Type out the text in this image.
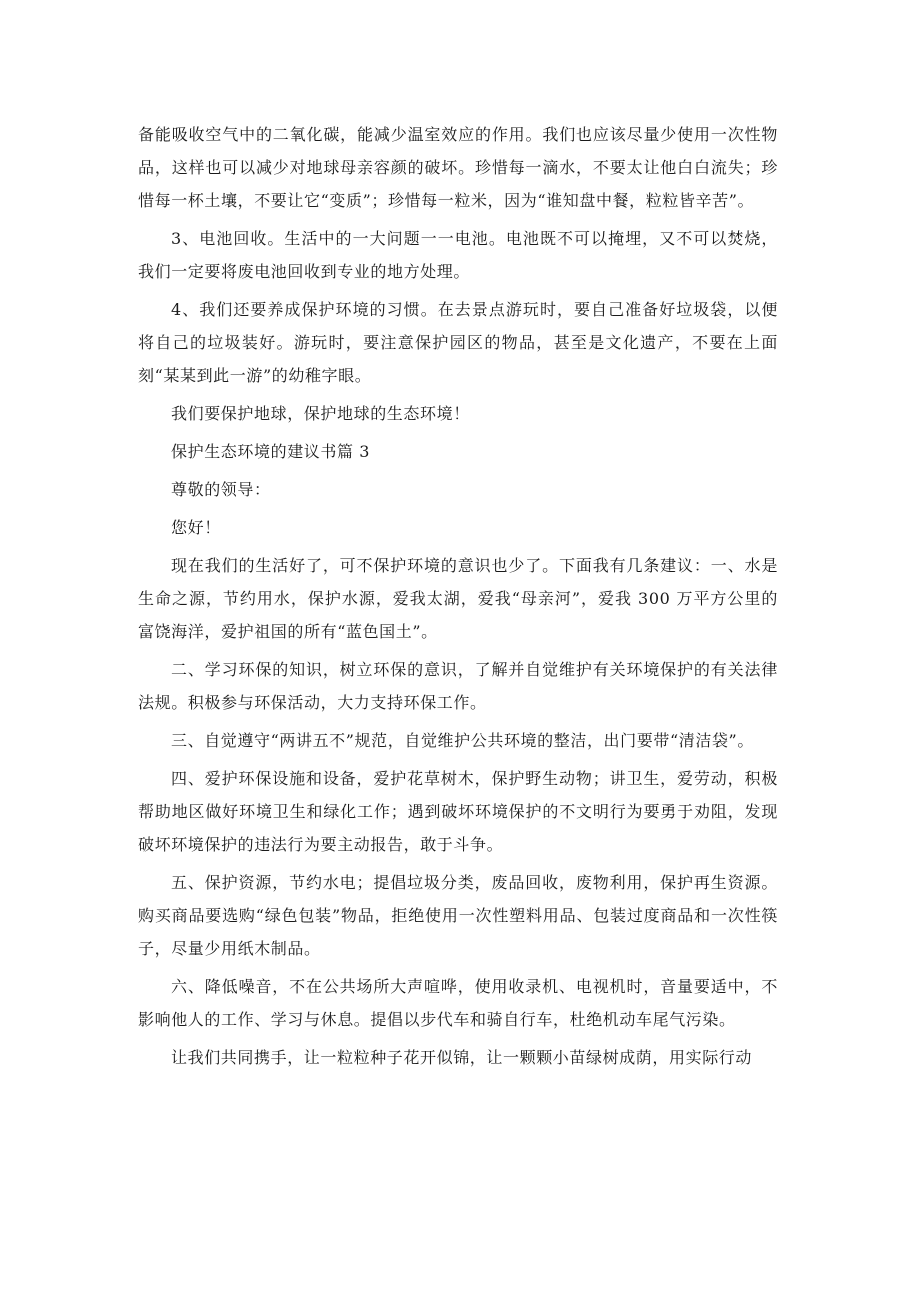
备能吸收空气中的二氧化碳，能减少温室效应的作用。我们也应该尽量少使用一次性物品，这样也可以减少对地球母亲容颜的破坏。珍惜每一滴水，不要太让他白白流失；珍惜每一杯土壤，不要让它“变质”；珍惜每一粒米，因为“谁知盘中餐，粒粒皆辛苦”。

3、电池回收。生活中的一大问题一一电池。电池既不可以掩埋，又不可以焚烧，我们一定要将废电池回收到专业的地方处理。

4、我们还要养成保护环境的习惯。在去景点游玩时，要自己准备好垃圾袋，以便将自己的垃圾装好。游玩时，要注意保护园区的物品，甚至是文化遗产，不要在上面刻“某某到此一游”的幼稚字眼。

我们要保护地球，保护地球的生态环境！

保护生态环境的建议书篇 3

尊敬的领导：

您好！

现在我们的生活好了，可不保护环境的意识也少了。下面我有几条建议：一、水是生命之源，节约用水，保护水源，爱我太湖，爱我“母亲河”，爱我 300 万平方公里的富饶海洋，爱护祖国的所有“蓝色国土”。

二、学习环保的知识，树立环保的意识，了解并自觉维护有关环境保护的有关法律法规。积极参与环保活动，大力支持环保工作。

三、自觉遵守“两讲五不”规范，自觉维护公共环境的整洁，出门要带“清洁袋”。

四、爱护环保设施和设备，爱护花草树木，保护野生动物；讲卫生，爱劳动，积极帮助地区做好环境卫生和绿化工作；遇到破坏环境保护的不文明行为要勇于劝阻，发现破坏环境保护的违法行为要主动报告，敢于斗争。

五、保护资源，节约水电；提倡垃圾分类，废品回收，废物利用，保护再生资源。购买商品要选购“绿色包装”物品，拒绝使用一次性塑料用品、包装过度商品和一次性筷子，尽量少用纸木制品。

六、降低噪音，不在公共场所大声喧哗，使用收录机、电视机时，音量要适中，不影响他人的工作、学习与休息。提倡以步代车和骑自行车，杜绝机动车尾气污染。

让我们共同携手，让一粒粒种子花开似锦，让一颗颗小苗绿树成荫，用实际行动
